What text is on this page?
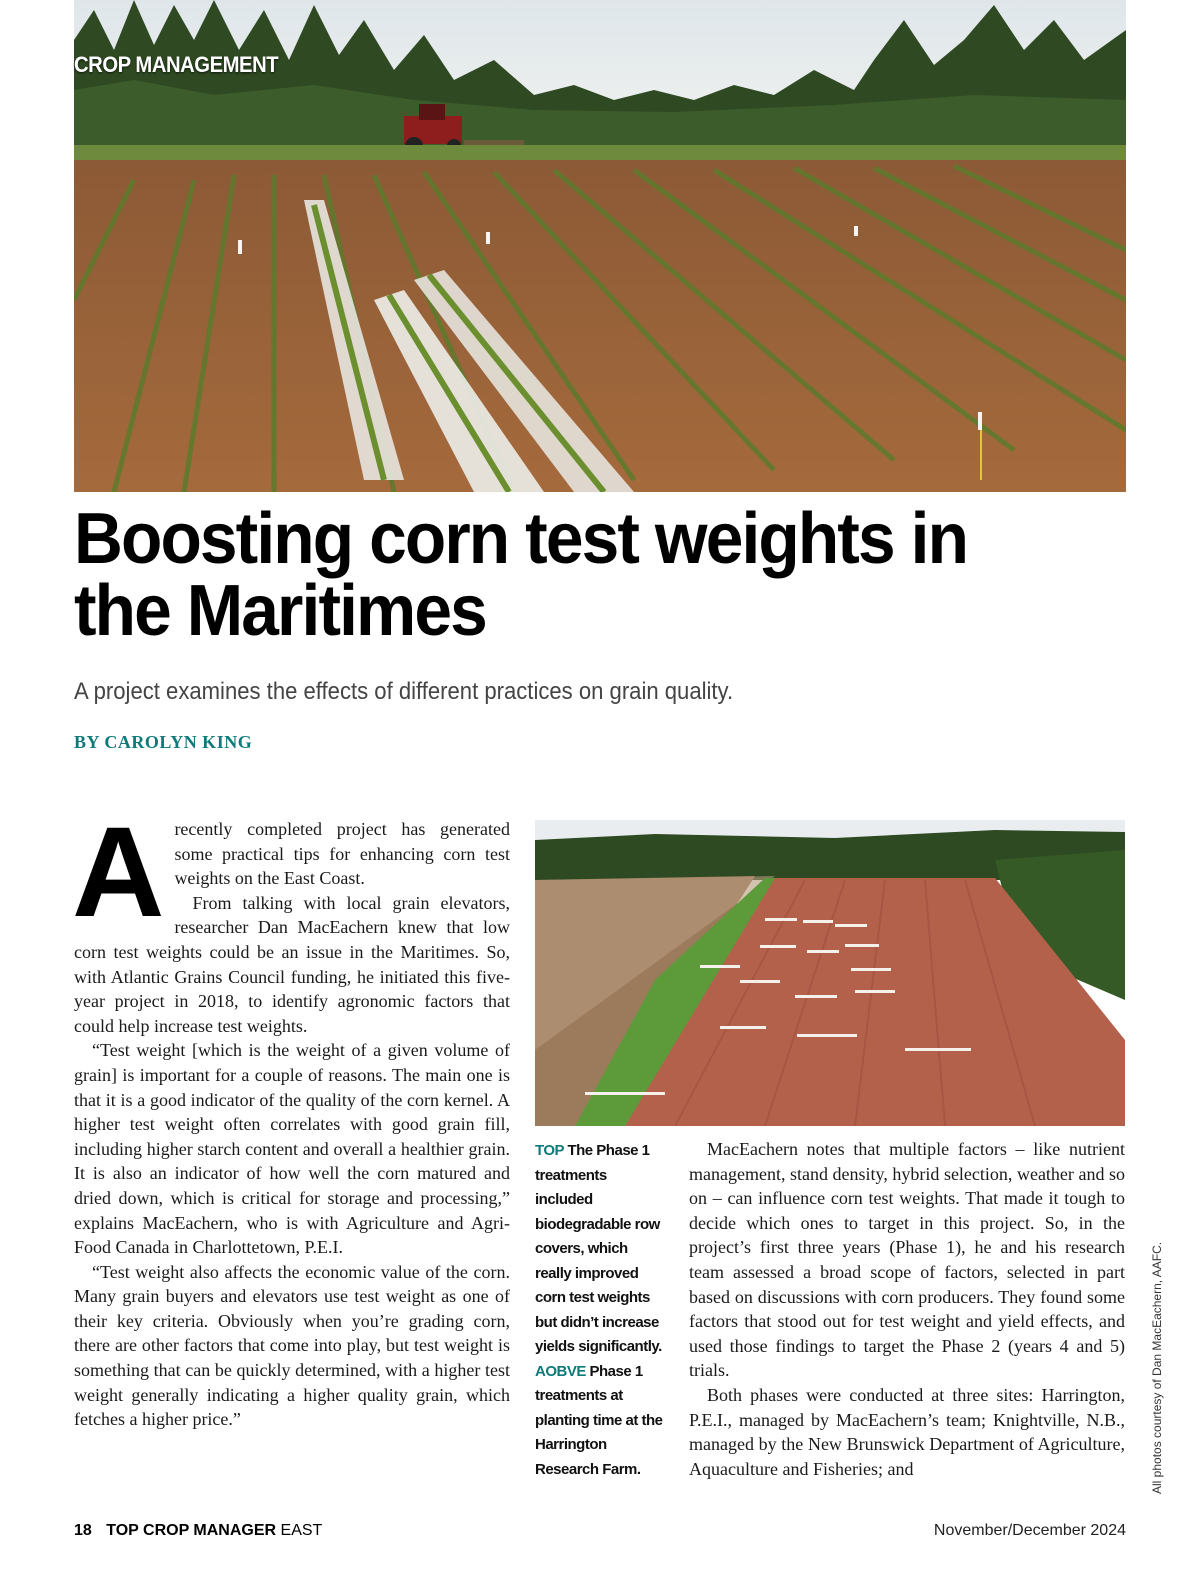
CROP MANAGEMENT
Boosting corn test weights in the Maritimes
A project examines the effects of different practices on grain quality.
BY CAROLYN KING

Arecently completed project has generated some practical tips for enhancing corn test weights on the East Coast.

From talking with local grain elevators, researcher Dan MacEachern knew that low corn test weights could be an issue in the Maritimes. So, with Atlantic Grains Council funding, he initiated this five-year project in 2018, to identify agronomic factors that could help increase test weights.

“Test weight [which is the weight of a given volume of grain] is important for a couple of reasons. The main one is that it is a good indicator of the quality of the corn kernel. A higher test weight often correlates with good grain fill, including higher starch content and overall a healthier grain. It is also an indicator of how well the corn matured and dried down, which is critical for storage and processing,” explains MacEachern, who is with Agriculture and Agri-Food Canada in Charlottetown, P.E.I.

“Test weight also affects the economic value of the corn. Many grain buyers and elevators use test weight as one of their key criteria. Obviously when you’re grading corn, there are other factors that come into play, but test weight is something that can be quickly determined, with a higher test weight generally indicating a higher quality grain, which fetches a higher price.”

TOP The Phase 1 treatments included biodegradable row covers, which really improved corn test weights but didn’t increase yields significantly.
AOBVE Phase 1 treatments at planting time at the Harrington Research Farm.

MacEachern notes that multiple factors – like nutrient management, stand density, hybrid selection, weather and so on – can influence corn test weights. That made it tough to decide which ones to target in this project. So, in the project’s first three years (Phase 1), he and his research team assessed a broad scope of factors, selected in part based on discussions with corn producers. They found some factors that stood out for test weight and yield effects, and used those findings to target the Phase 2 (years 4 and 5) trials.

Both phases were conducted at three sites: Harrington, P.E.I., managed by MacEachern’s team; Knightville, N.B., managed by the New Brunswick Department of Agriculture, Aquaculture and Fisheries; and	All photos courtesy of Dan MacEachern, AAFC.
18 TOP CROP MANAGER EAST	November/December 2024
